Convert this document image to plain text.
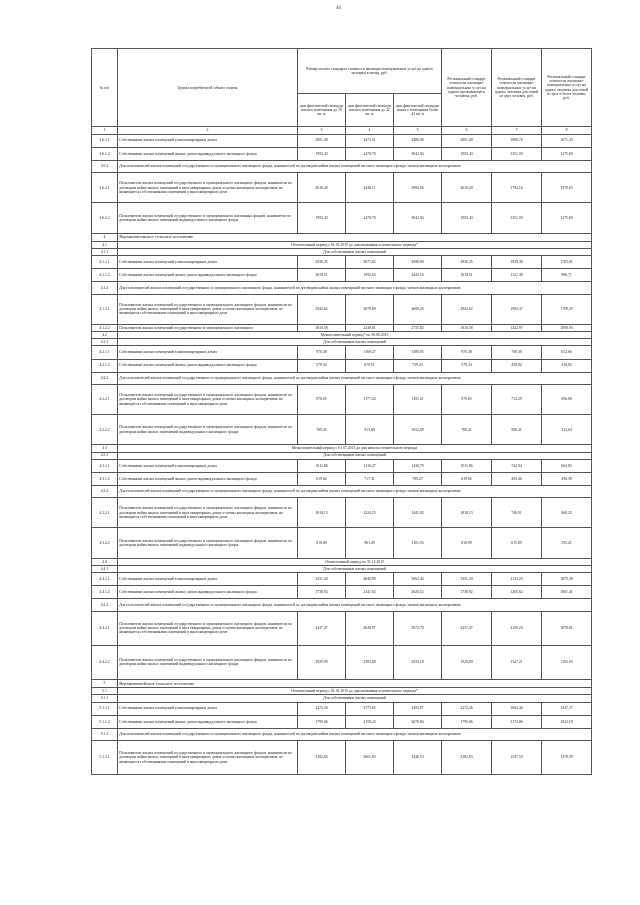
46
№ п/п	Группа потребителей /объект оплаты	Размер оплаты стандарта стоимости жилищно-коммунальных услуг на одного человека в месяц, руб.			Региональный стандарт стоимости жилищно-коммунальных услуг на одного проживающего человека, руб.	Региональный стандарт стоимости жилищно-коммунальных услуг на одного человека для семей из двух человек, руб.	Региональный стандарт стоимости жилищно-коммунальных услуг на одного человека для семей из трех и более человек, руб.
		при фактической площади жилого помещения до 18 кв. м	при фактической площади жилого помещения до 42 кв. м	при фактической площади жилого помещения более 42 кв. м			
1	2	3	4	5	6	7	8
3.6.1.1	Собственники жилых помещений в многоквартирных домах	2801,40	3473,31	4286,96	2801,40	1909,76	1671,43
3.6.1.2	Собственники жилых помещений жилых домов индивидуального жилищного фонда	1993,43	2478,70	3042,94	1993,43	1351,59	1175,60
3.6.2	Для пользователей жилых помещений государственного и муниципального жилищного фонда, нанимателей по договорам найма жилых помещений частного жилищного фонда, членов жилищных кооперативов						
3.6.2.1	Пользователи жилых помещений государственного и муниципального жилищного фондов, наниматели по договорам найма жилых помещений в многоквартирных домах и члены жилищных кооперативов, не являющиеся собственниками помещений в многоквартирном доме	2616,20	3238,11	3984,56	2616,20	1792,16	1570,63
3.6.2.2	Пользователи жилых помещений государственного и муниципального жилищных фондов, наниматели по договорам найма жилых помещений индивидуального жилищного фонда	1993,43	2478,70	3042,94	1993,43	1351,59	1175,60
4	Верхнеамгинское сельское поселение						
4.1	Отопительный период с 01.01.2015 до дня окончания отопительного периода*						
4.1.1	Для собственников жилых помещений						
4.1.1.1	Собственники жилых помещений в многоквартирных домах	2936,35	3671,62	4598,00	2936,35	1939,38	1705,01
4.1.1.2	Собственники жилых помещений жилых домов индивидуального жилищного фонда	1619,51	1995,63	2443,16	1619,51	1121,38	986,71
4.1.2	Для пользователей жилых помещений государственного и муниципального жилищного фонда, нанимателей по договорам найма жилых помещений частного жилищного фонда, членов жилищных кооперативов						
4.1.2.1	Пользователи жилых помещений государственного и муниципального жилищного фондов, наниматели по договорам найма жилых помещений в многоквартирных домах и члены жилищных кооперативов, не являющиеся собственниками помещений в многоквартирном доме	2942,62	3679,69	4608,26	2942,62	1963,37	1708,43
4.1.2.2	Пользователи жилых помещений государственного и муниципального жилищного	1810,58	2238,81	2755,82	1810,58	1242,97	1090,93
4.2	Межотопительный период* по 30.06.2015						
4.2.1	Для собственников жилых помещений						
4.2.1.1	Собственники жилых помещений в многоквартирных домах	970,38	1169,47	1380,95	970,38	708,30	652,66
4.2.1.2	Собственники жилых помещений жилых домов индивидуального жилищного фонда	578,34	670,51	739,43	578,34	458,82	418,82
4.2.2	Для пользователей жилых помещений государственного и муниципального жилищного фонда, нанимателей по договорам найма жилых помещений частного жилищного фонда, членов жилищных кооперативов						
4.2.2.1	Пользователи жилых помещений государственного и муниципального жилищного фондов, наниматели по договорам найма жилых помещений в многоквартирных домах и члены жилищных кооперативов, не являющиеся собственниками помещений в многоквартирном доме	976,65	1177,43	1391,21	976,65	712,29	656,08
4.2.2.2	Пользователи жилых помещений государственного и муниципального жилищного фондов, наниматели по договорам найма жилых помещений индивидуального жилищного фонда	769,41	913,69	1052,09	769,41	580,41	523,04
4.3	Межотопительный период с 01.07.2015 до дня начала отопительного периода						
4.3.1	Для собственников жилых помещений						
4.3.1.1	Собственники жилых помещений в многоквартирных домах	1011,86	1216,27	1430,79	1011,86	742,94	664,83
4.3.1.2	Собственники жилых помещений жилых домов индивидуального жилищного фонда	619,82	717,31	789,27	619,82	493,46	450,39
4.3.2	Для пользователей жилых помещений государственного и муниципального жилищного фонда, нанимателей по договорам найма жилых помещений частного жилищного фонда, членов жилищных кооперативов						
4.3.2.1	Пользователи жилых помещений государственного и муниципального жилищного фондов, наниматели по договорам найма жилых помещений в многоквартирных домах и члены жилищных кооперативов, не являющиеся собственниками помещений в многоквартирном доме	1018,13	1224,25	1441,05	1018,13	746,91	668,25
4.3.2.2	Пользователи жилых помещений государственного и муниципального жилищного фондов, наниматели по договорам найма жилых помещений индивидуального жилищного фонда	810,89	961,49	1101,93	810,89	615,05	555,21
4.4	Отопительный период по 31.12.2015						
4.4.1	Для собственников жилых помещений						
4.4.1.1	Собственники жилых помещений в многоквартирных домах	3231,20	4040,89	5062,44	3231,20	2133,23	1875,38
4.4.1.2	Собственники жилых помещений жилых домов индивидуального жилищного фонда	1738,92	2141,62	2620,52	1738,92	1205,62	1061,41
4.4.2	Для пользователей жилых помещений государственного и муниципального жилищного фонда, нанимателей по договорам найма жилых помещений частного жилищного фонда, членов жилищных кооперативов						
4.4.2.1	Пользователи жилых помещений государственного и муниципального жилищного фондов, наниматели по договорам найма жилых помещений в многоквартирных домах и члены жилищных кооперативов, не являющиеся собственниками помещений в многоквартирном доме	3237,47	4048,87	5072,70	3237,47	2159,24	1878,81
4.4.2.2	Пользователи жилых помещений государственного и муниципального жилищного фондов, наниматели по договорам найма жилых помещений индивидуального жилищного фонда	1929,99	2384,80	2933,18	1929,99	1327,21	1165,63
5	Верхневилюйское сельское поселение						
5.1	Отопительный период с 01.01.2015 до дня окончания отопительного периода*						
5.1.1	Для собственников жилых помещений						
5.1.1.1	Собственники жилых помещений в многоквартирных домах	2272,26	2775,65	3392,87	2272,26	1604,44	1427,37
5.1.1.2	Собственники жилых помещений жилых домов индивидуального жилищного фонда	1795,06	2159,24	2670,84	1795,06	1172,86	1022,19
5.1.2	Для пользователей жилых помещений государственного и муниципального жилищного фонда, нанимателей по договорам найма жилых помещений частного жилищного фонда, членов жилищных кооперативов						
5.1.2.1	Пользователи жилых помещений государственного и муниципального жилищного фондов, наниматели по договорам найма жилых помещений в многоквартирных домах и члены жилищных кооперативов, не являющиеся собственниками помещений в многоквартирном доме	2182,83	2661,83	3246,53	2182,83	1547,53	1378,59
